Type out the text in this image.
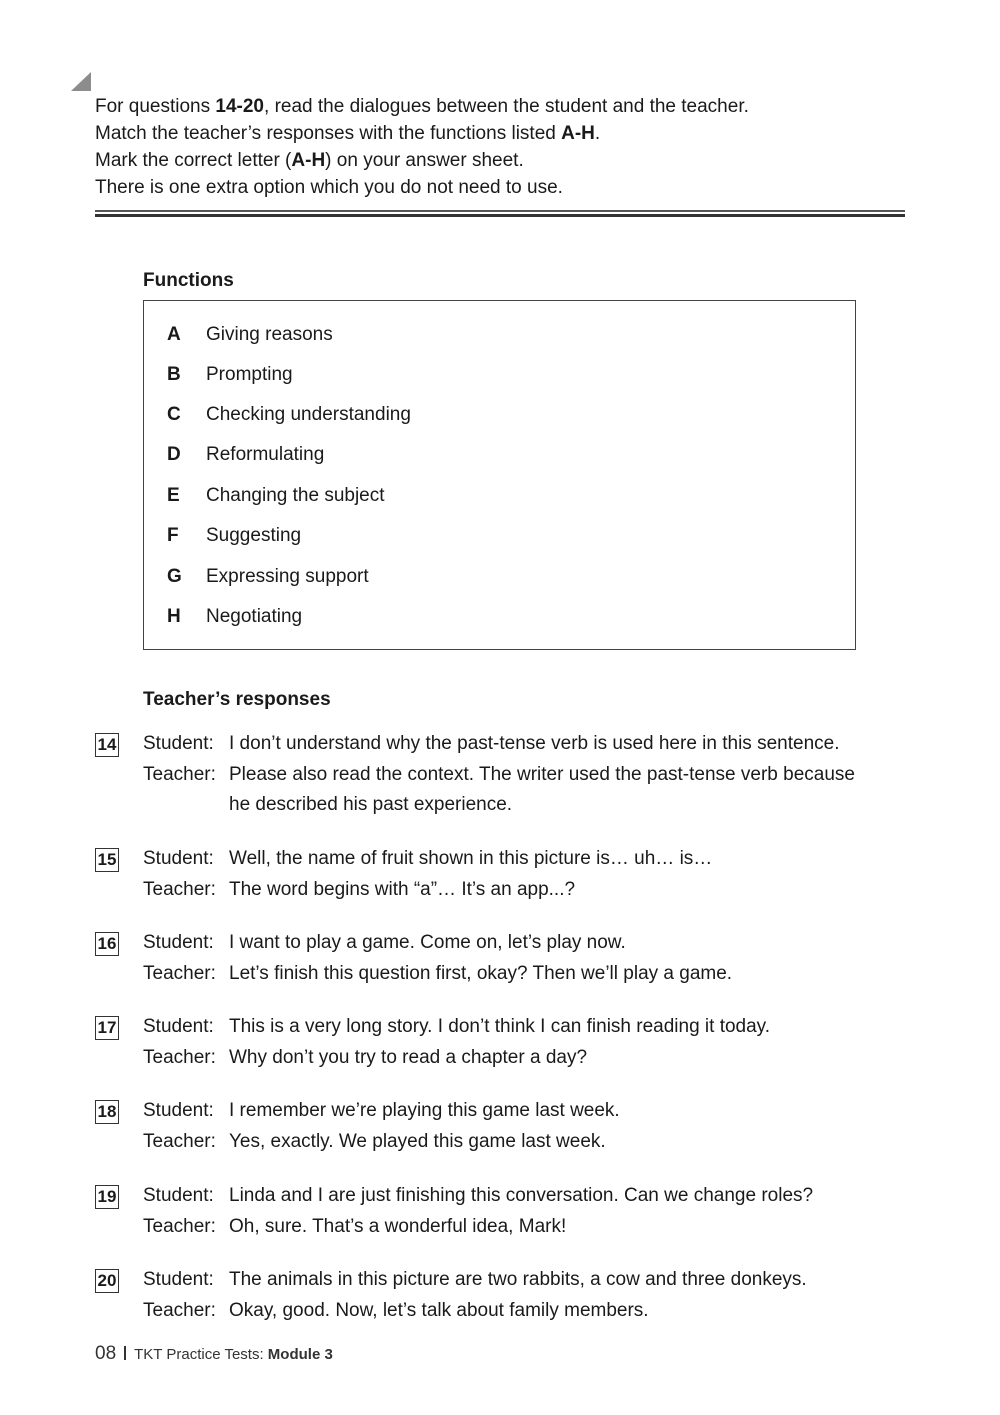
For questions 14-20, read the dialogues between the student and the teacher.
Match the teacher’s responses with the functions listed A-H.
Mark the correct letter (A-H) on your answer sheet.
There is one extra option which you do not need to use.
Functions
A Giving reasons
B Prompting
C Checking understanding
D Reformulating
E Changing the subject
F Suggesting
G Expressing support
H Negotiating
Teacher’s responses
14 Student: I don’t understand why the past-tense verb is used here in this sentence.
Teacher: Please also read the context. The writer used the past-tense verb because
he described his past experience.
15 Student: Well, the name of fruit shown in this picture is… uh… is…
Teacher: The word begins with “a”… It’s an app...?
16 Student: I want to play a game. Come on, let’s play now.
Teacher: Let’s finish this question first, okay? Then we’ll play a game.
17 Student: This is a very long story. I don’t think I can finish reading it today.
Teacher: Why don’t you try to read a chapter a day?
18 Student: I remember we’re playing this game last week.
Teacher: Yes, exactly. We played this game last week.
19 Student: Linda and I are just finishing this conversation. Can we change roles?
Teacher: Oh, sure. That’s a wonderful idea, Mark!
20 Student: The animals in this picture are two rabbits, a cow and three donkeys.
Teacher: Okay, good. Now, let’s talk about family members.
08 TKT Practice Tests: Module 3
